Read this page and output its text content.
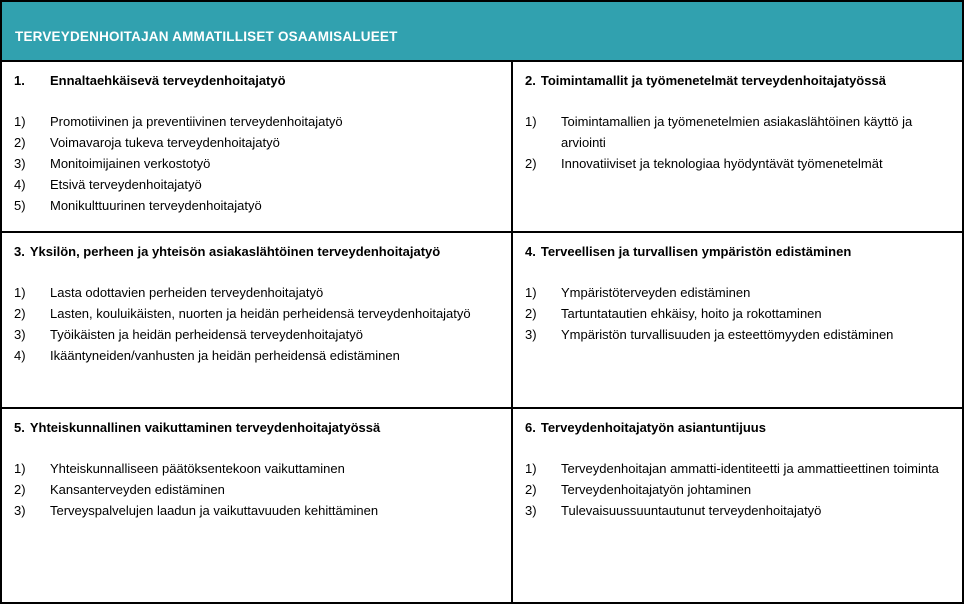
TERVEYDENHOITAJAN AMMATILLISET OSAAMISALUEET
1.	Ennaltaehkäisevä terveydenhoitajatyö
1)	Promotiivinen ja preventiivinen terveydenhoitajatyö
2)	Voimavaroja tukeva terveydenhoitajatyö
3)	Monitoimijainen verkostotyö
4)	Etsivä terveydenhoitajatyö
5)	Monikulttuurinen terveydenhoitajatyö
2. Toimintamallit ja työmenetelmät terveydenhoitajatyössä
1)	Toimintamallien ja työmenetelmien asiakaslähtöinen käyttö ja arviointi
2)	Innovatiiviset ja teknologiaa hyödyntävät työmenetelmät
3. Yksilön, perheen ja yhteisön asiakaslähtöinen terveydenhoitajatyö
1)	Lasta odottavien perheiden terveydenhoitajatyö
2)	Lasten, kouluikäisten, nuorten ja heidän perheidensä terveydenhoitajatyö
3)	Työikäisten ja heidän perheidensä terveydenhoitajatyö
4)	Ikääntyneiden/vanhusten ja heidän perheidensä edistäminen
4. Terveellisen ja turvallisen ympäristön edistäminen
1)	Ympäristöterveyden edistäminen
2)	Tartuntatautien ehkäisy, hoito ja rokottaminen
3)	Ympäristön turvallisuuden ja esteettömyyden edistäminen
5. Yhteiskunnallinen vaikuttaminen terveydenhoitajatyössä
1)	Yhteiskunnalliseen päätöksentekoon vaikuttaminen
2)	Kansanterveyden edistäminen
3)	Terveyspalvelujen laadun ja vaikuttavuuden kehittäminen
6. Terveydenhoitajatyön asiantuntijuus
1)	Terveydenhoitajan ammatti-identiteetti ja ammattieettinen toiminta
2)	Terveydenhoitajatyön johtaminen
3)	Tulevaisuussuuntautunut terveydenhoitajatyö
